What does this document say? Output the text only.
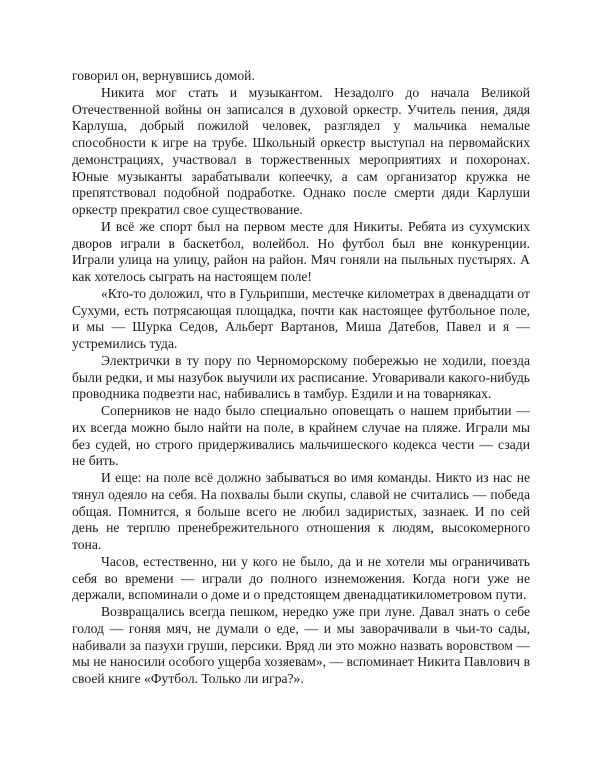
говорил он, вернувшись домой.

Никита мог стать и музыкантом. Незадолго до начала Великой Отечественной войны он записался в духовой оркестр. Учитель пения, дядя Карлуша, добрый пожилой человек, разглядел у мальчика немалые способности к игре на трубе. Школьный оркестр выступал на первомайских демонстрациях, участвовал в торжественных мероприятиях и похоронах. Юные музыканты зарабатывали копеечку, а сам организатор кружка не препятствовал подобной подработке. Однако после смерти дяди Карлуши оркестр прекратил свое существование.

И всё же спорт был на первом месте для Никиты. Ребята из сухумских дворов играли в баскетбол, волейбол. Но футбол был вне конкуренции. Играли улица на улицу, район на район. Мяч гоняли на пыльных пустырях. А как хотелось сыграть на настоящем поле!

«Кто-то доложил, что в Гульрипши, местечке километрах в двенадцати от Сухуми, есть потрясающая площадка, почти как настоящее футбольное поле, и мы — Шурка Седов, Альберт Вартанов, Миша Датебов, Павел и я — устремились туда.

Электрички в ту пору по Черноморскому побережью не ходили, поезда были редки, и мы назубок выучили их расписание. Уговаривали какого-нибудь проводника подвезти нас, набивались в тамбур. Ездили и на товарняках.

Соперников не надо было специально оповещать о нашем прибытии — их всегда можно было найти на поле, в крайнем случае на пляже. Играли мы без судей, но строго придерживались мальчишеского кодекса чести — сзади не бить.

И еще: на поле всё должно забываться во имя команды. Никто из нас не тянул одеяло на себя. На похвалы были скупы, славой не считались — победа общая. Помнится, я больше всего не любил задиристых, зазнаек. И по сей день не терплю пренебрежительного отношения к людям, высокомерного тона.

Часов, естественно, ни у кого не было, да и не хотели мы ограничивать себя во времени — играли до полного изнеможения. Когда ноги уже не держали, вспоминали о доме и о предстоящем двенадцатикилометровом пути.

Возвращались всегда пешком, нередко уже при луне. Давал знать о себе голод — гоняя мяч, не думали о еде, — и мы заворачивали в чьи-то сады, набивали за пазухи груши, персики. Вряд ли это можно назвать воровством — мы не наносили особого ущерба хозяевам», — вспоминает Никита Павлович в своей книге «Футбол. Только ли игра?».
